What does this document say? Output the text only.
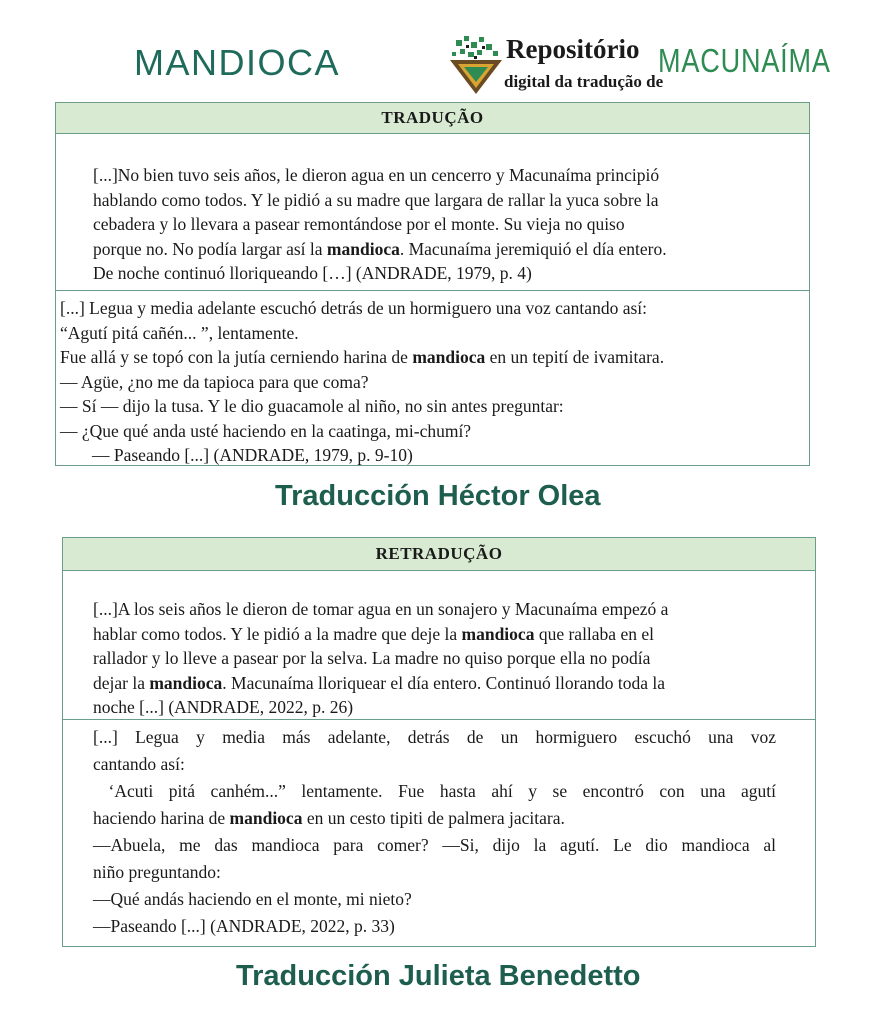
MANDIOCA	Repositório
digital da tradução de
MACUNAÍMA
TRADUÇÃO
[...]No bien tuvo seis años, le dieron agua en un cencerro y Macunaíma principió
hablando como todos. Y le pidió a su madre que largara de rallar la yuca sobre la
cebadera y lo llevara a pasear remontándose por el monte. Su vieja no quiso
porque no. No podía largar así la mandioca. Macunaíma jeremiquió el día entero.
De noche continuó lloriqueando […] (ANDRADE, 1979, p. 4)
[...] Legua y media adelante escuchó detrás de un hormiguero una voz cantando así:
“Agutí pitá cañén... ”, lentamente.
Fue allá y se topó con la jutía cerniendo harina de mandioca en un tepití de ivamitara.
— Agüe, ¿no me da tapioca para que coma?
— Sí — dijo la tusa. Y le dio guacamole al niño, no sin antes preguntar:
— ¿Que qué anda usté haciendo en la caatinga, mi-chumí?
— Paseando [...] (ANDRADE, 1979, p. 9-10)
Traducción Héctor Olea
RETRADUÇÃO
[...]A los seis años le dieron de tomar agua en un sonajero y Macunaíma empezó a
hablar como todos. Y le pidió a la madre que deje la mandioca que rallaba en el
rallador y lo lleve a pasear por la selva. La madre no quiso porque ella no podía
dejar la mandioca. Macunaíma lloriquear el día entero. Continuó llorando toda la
noche [...] (ANDRADE, 2022, p. 26)
[...] Legua y media más adelante, detrás de un hormiguero escuchó una voz
cantando así:
‘Acuti pitá canhém...” lentamente. Fue hasta ahí y se encontró con una agutí
haciendo harina de mandioca en un cesto tipiti de palmera jacitara.
—Abuela, me das mandioca para comer? —Si, dijo la agutí. Le dio mandioca al
niño preguntando:
—Qué andás haciendo en el monte, mi nieto?
—Paseando [...] (ANDRADE, 2022, p. 33)
Traducción Julieta Benedetto
